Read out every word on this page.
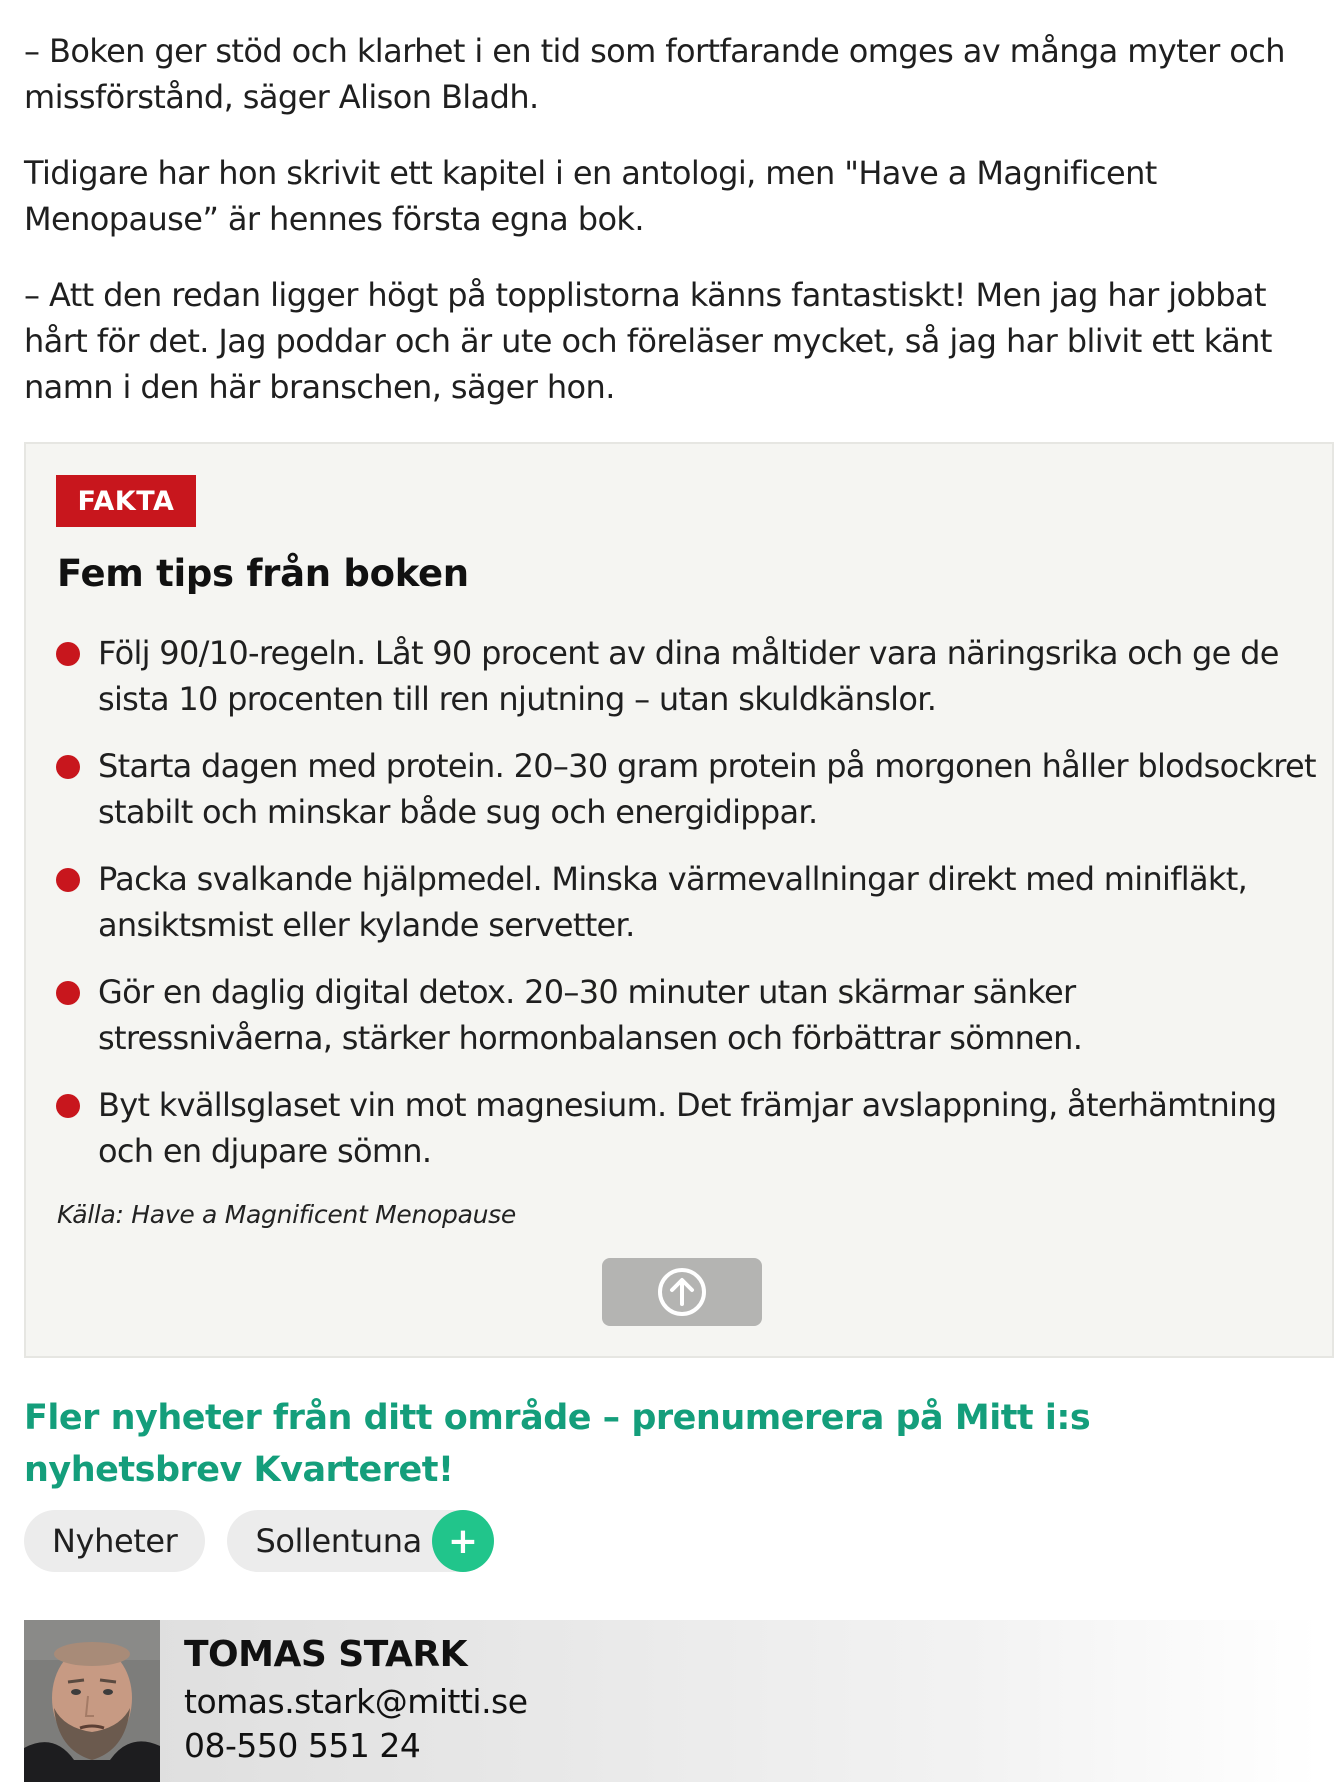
– Boken ger stöd och klarhet i en tid som fortfarande omges av många myter och missförstånd, säger Alison Bladh.

Tidigare har hon skrivit ett kapitel i en antologi, men "Have a Magnificent Menopause” är hennes första egna bok.

– Att den redan ligger högt på topplistorna känns fantastiskt! Men jag har jobbat hårt för det. Jag poddar och är ute och föreläser mycket, så jag har blivit ett känt namn i den här branschen, säger hon.

FAKTA
Fem tips från boken
Följ 90/10-regeln. Låt 90 procent av dina måltider vara näringsrika och ge de sista 10 procenten till ren njutning – utan skuldkänslor.
Starta dagen med protein. 20–30 gram protein på morgonen håller blodsockret stabilt och minskar både sug och energidippar.
Packa svalkande hjälpmedel. Minska värmevallningar direkt med minifläkt, ansiktsmist eller kylande servetter.
Gör en daglig digital detox. 20–30 minuter utan skärmar sänker stressnivåerna, stärker hormonbalansen och förbättrar sömnen.
Byt kvällsglaset vin mot magnesium. Det främjar avslappning, återhämtning och en djupare sömn.
Källa: Have a Magnificent Menopause
Fler nyheter från ditt område – prenumerera på Mitt i:s nyhetsbrev Kvarteret!
Nyheter	Sollentuna +
TOMAS STARK
tomas.stark@mitti.se
08-550 551 24
